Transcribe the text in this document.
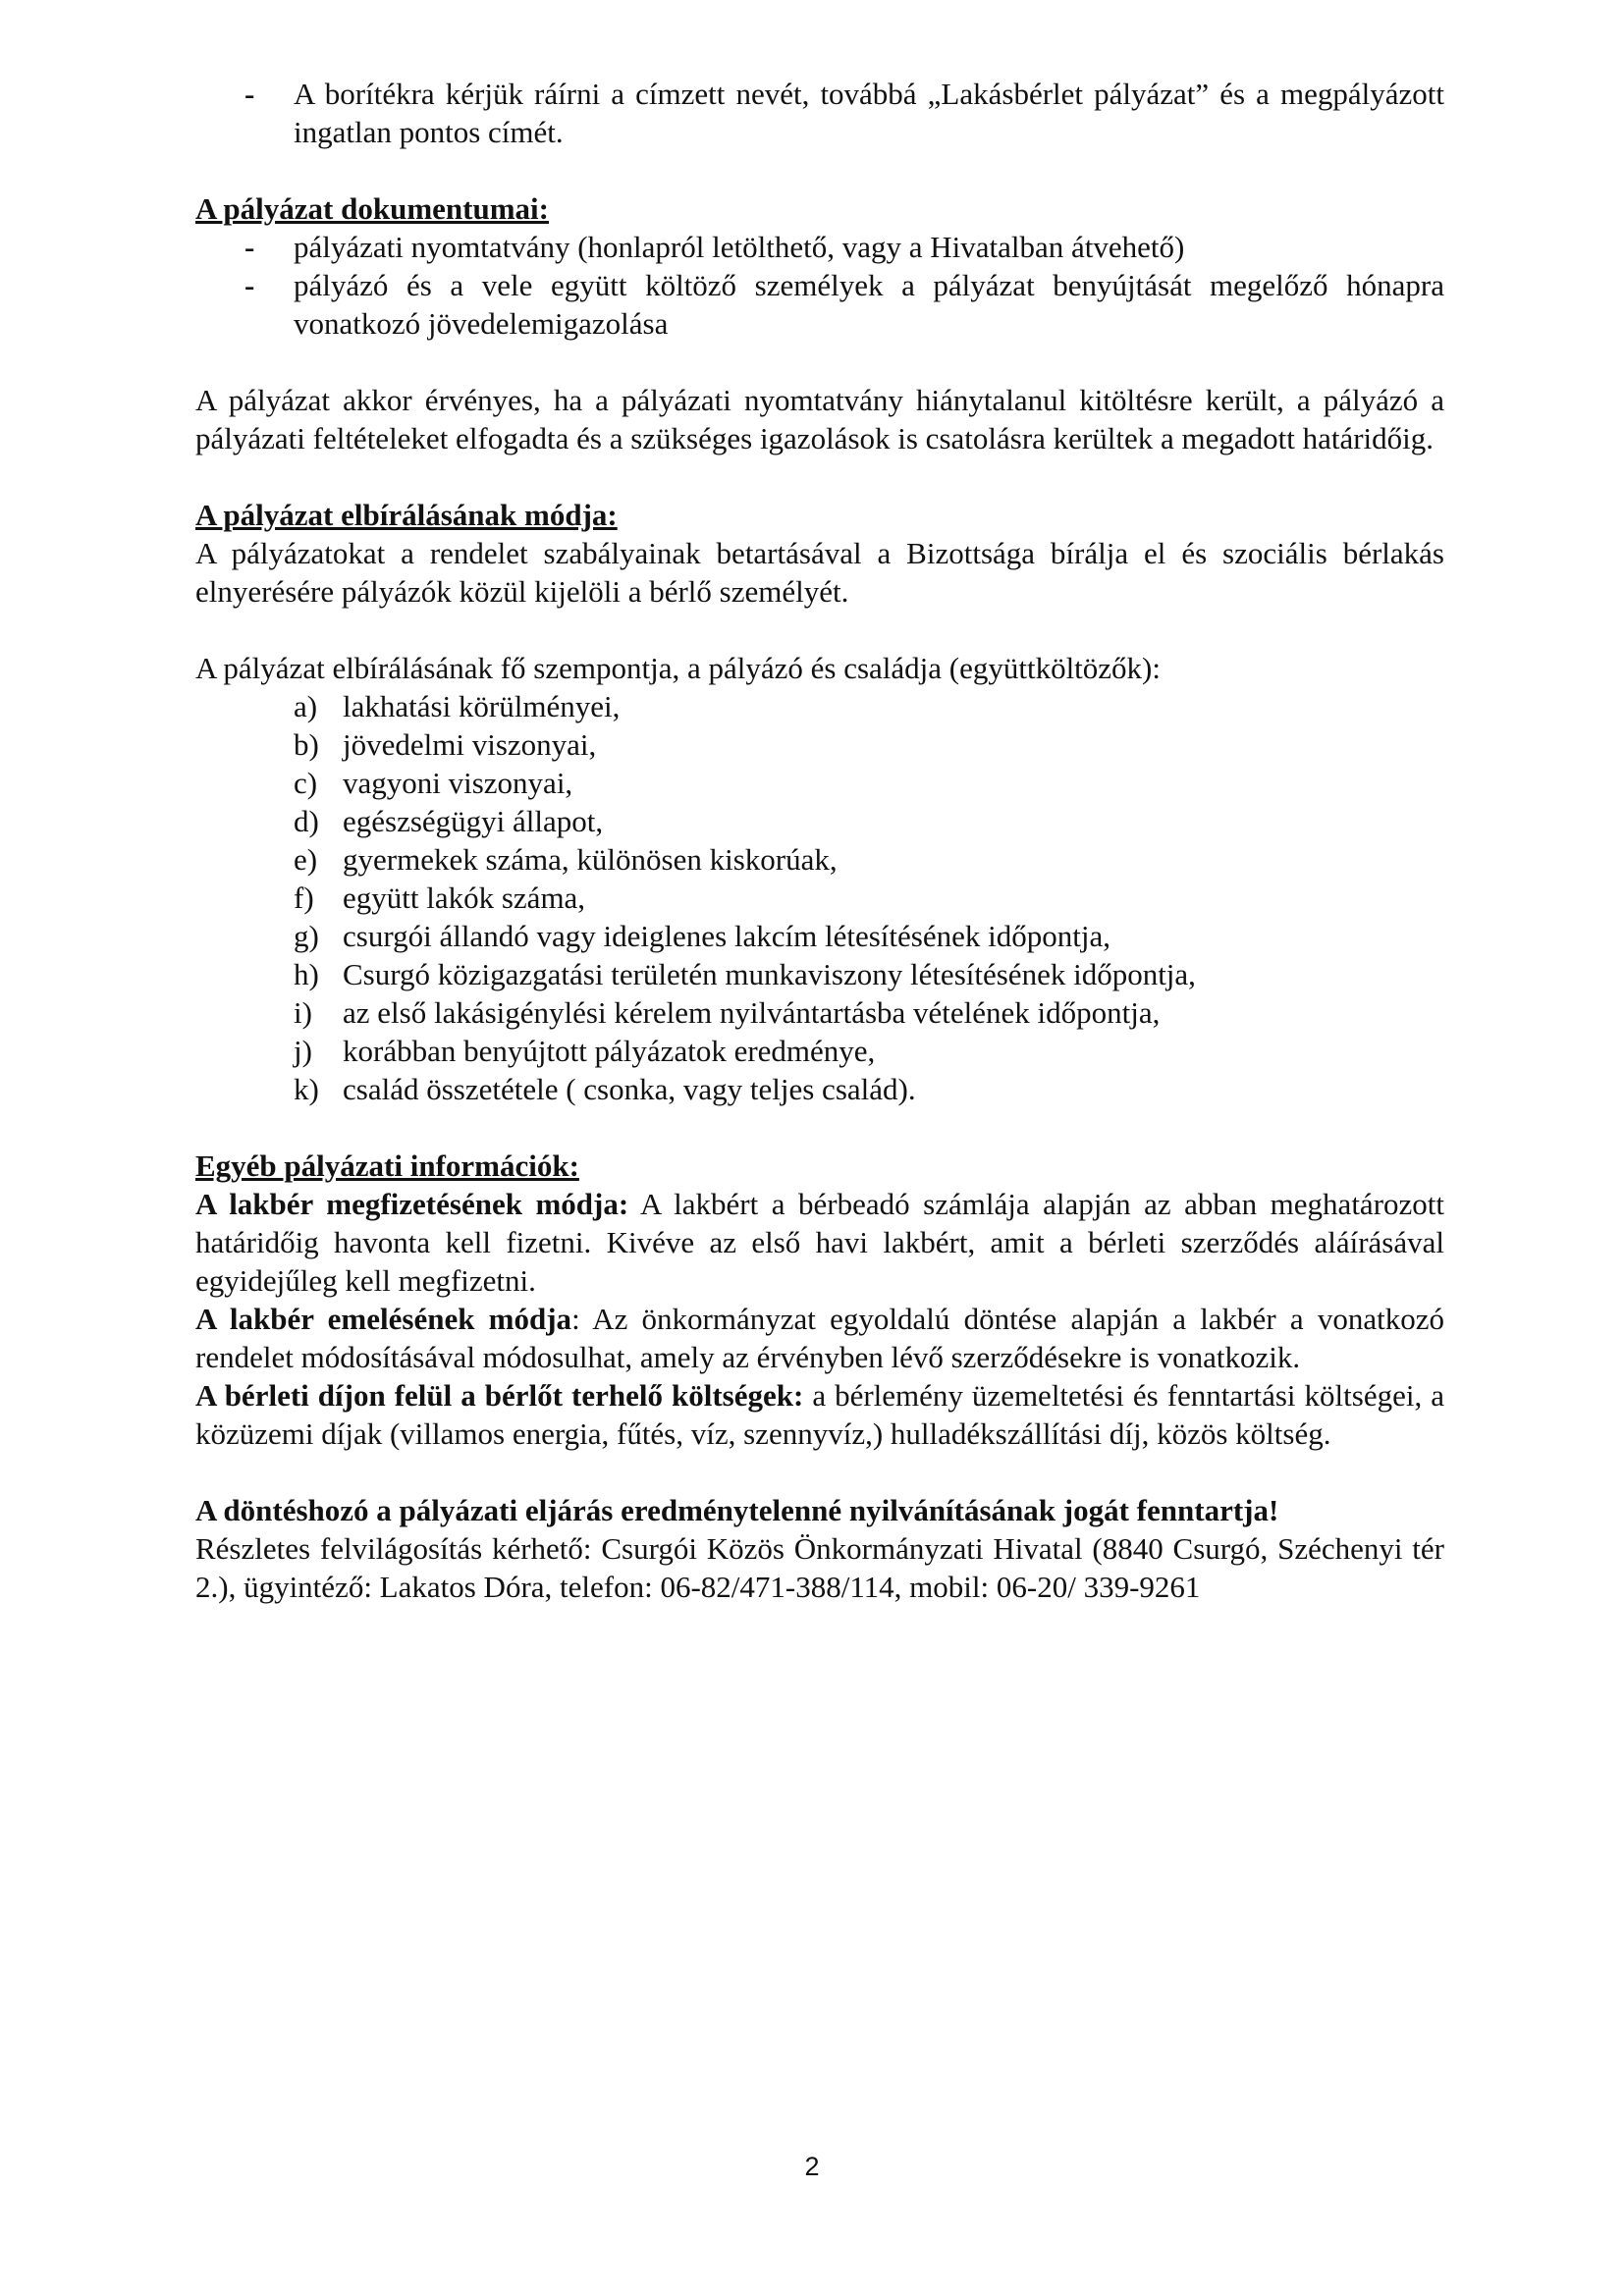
- A borítékra kérjük ráírni a címzett nevét, továbbá „Lakásbérlet pályázat” és a megpályázott ingatlan pontos címét.
A pályázat dokumentumai:
- pályázati nyomtatvány (honlapról letölthető, vagy a Hivatalban átvehető)
- pályázó és a vele együtt költöző személyek a pályázat benyújtását megelőző hónapra vonatkozó jövedelemigazolása
A pályázat akkor érvényes, ha a pályázati nyomtatvány hiánytalanul kitöltésre került, a pályázó a pályázati feltételeket elfogadta és a szükséges igazolások is csatolásra kerültek a megadott határidőig.
A pályázat elbírálásának módja:
A pályázatokat a rendelet szabályainak betartásával a Bizottsága bírálja el és szociális bérlakás elnyerésére pályázók közül kijelöli a bérlő személyét.
A pályázat elbírálásának fő szempontja, a pályázó és családja (együttköltözők):
a) lakhatási körülményei,
b) jövedelmi viszonyai,
c) vagyoni viszonyai,
d) egészségügyi állapot,
e) gyermekek száma, különösen kiskorúak,
f) együtt lakók száma,
g) csurgói állandó vagy ideiglenes lakcím létesítésének időpontja,
h) Csurgó közigazgatási területén munkaviszony létesítésének időpontja,
i) az első lakásigénylési kérelem nyilvántartásba vételének időpontja,
j) korábban benyújtott pályázatok eredménye,
k) család összetétele ( csonka, vagy teljes család).
Egyéb pályázati információk:
A lakbér megfizetésének módja: A lakbért a bérbeadó számlája alapján az abban meghatározott határidőig havonta kell fizetni. Kivéve az első havi lakbért, amit a bérleti szerződés aláírásával egyidejűleg kell megfizetni.
A lakbér emelésének módja: Az önkormányzat egyoldalú döntése alapján a lakbér a vonatkozó rendelet módosításával módosulhat, amely az érvényben lévő szerződésekre is vonatkozik.
A bérleti díjon felül a bérlőt terhelő költségek: a bérlemény üzemeltetési és fenntartási költségei, a közüzemi díjak (villamos energia, fűtés, víz, szennyvíz,) hulladékszállítási díj, közös költség.
A döntéshozó a pályázati eljárás eredménytelenné nyilvánításának jogát fenntartja!
Részletes felvilágosítás kérhető: Csurgói Közös Önkormányzati Hivatal (8840 Csurgó, Széchenyi tér 2.), ügyintéző: Lakatos Dóra, telefon: 06-82/471-388/114, mobil: 06-20/ 339-9261
2
